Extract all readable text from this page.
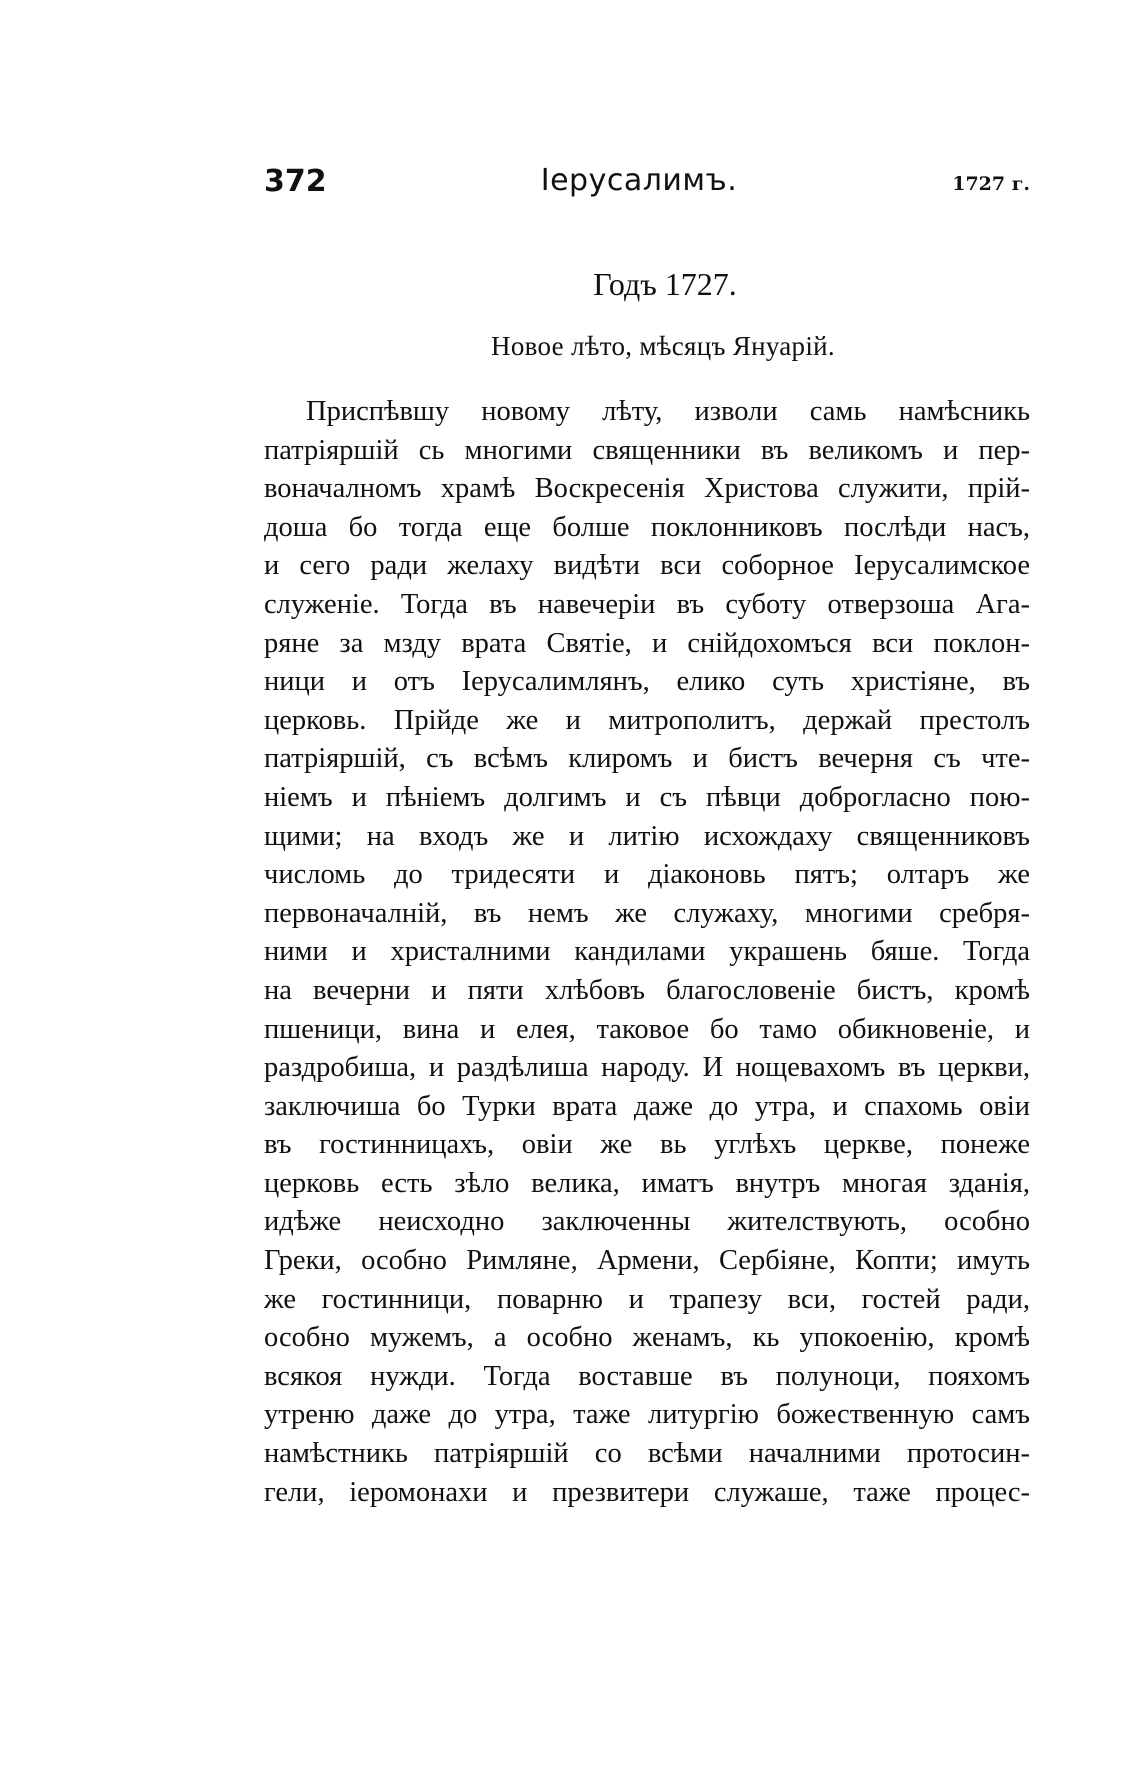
372	Іерусалимъ.	1727 г.
Годъ 1727.
Новое лѣто, мѣсяцъ Януарій.
Приспѣвшу новому лѣту, изволи самь намѣсникь
патріяршій сь многими священники въ великомъ и пер-
воначалномъ храмѣ Воскресенія Христова служити, прій-
доша бо тогда еще болше поклонниковъ послѣди насъ,
и сего ради желаху видѣти вси соборное Іерусалимское
служеніе. Тогда въ навечеріи въ суботу отверзоша Ага-
ряне за мзду врата Святіе, и снійдохомъся вси поклон-
ници и отъ Іерусалимлянъ, елико суть христіяне, въ
церковь. Прійде же и митрополитъ, держай престолъ
патріяршій, съ всѣмъ клиромъ и бистъ вечерня съ чте-
ніемъ и пѣніемъ долгимъ и съ пѣвци доброгласно пою-
щими; на входъ же и литію исхождаху священниковъ
числомь до тридесяти и діаконовь пятъ; олтаръ же
первоначалній, въ немъ же служаху, многими сребря-
ними и христалними кандилами украшень бяше. Тогда
на вечерни и пяти хлѣбовъ благословеніе бистъ, кромѣ
пшеници, вина и елея, таковое бо тамо обикновеніе, и
раздробиша, и раздѣлиша народу. И нощевахомъ въ церкви,
заключиша бо Турки врата даже до утра, и спахомь овіи
въ гостинницахъ, овіи же вь углѣхъ церкве, понеже
церковь есть зѣло велика, иматъ внутръ многая зданія,
идѣже неисходно заключенны жителствують, особно
Греки, особно Римляне, Армени, Сербіяне, Копти; имуть
же гостинници, поварню и трапезу вси, гостей ради,
особно мужемъ, а особно женамъ, кь упокоенію, кромѣ
всякоя нужди. Тогда воставше въ полуноци, пояхомъ
утреню даже до утра, таже литургію божественную самъ
намѣстникь патріяршій со всѣми началними протосин-
гели, іеромонахи и презвитери служаше, таже процес-
